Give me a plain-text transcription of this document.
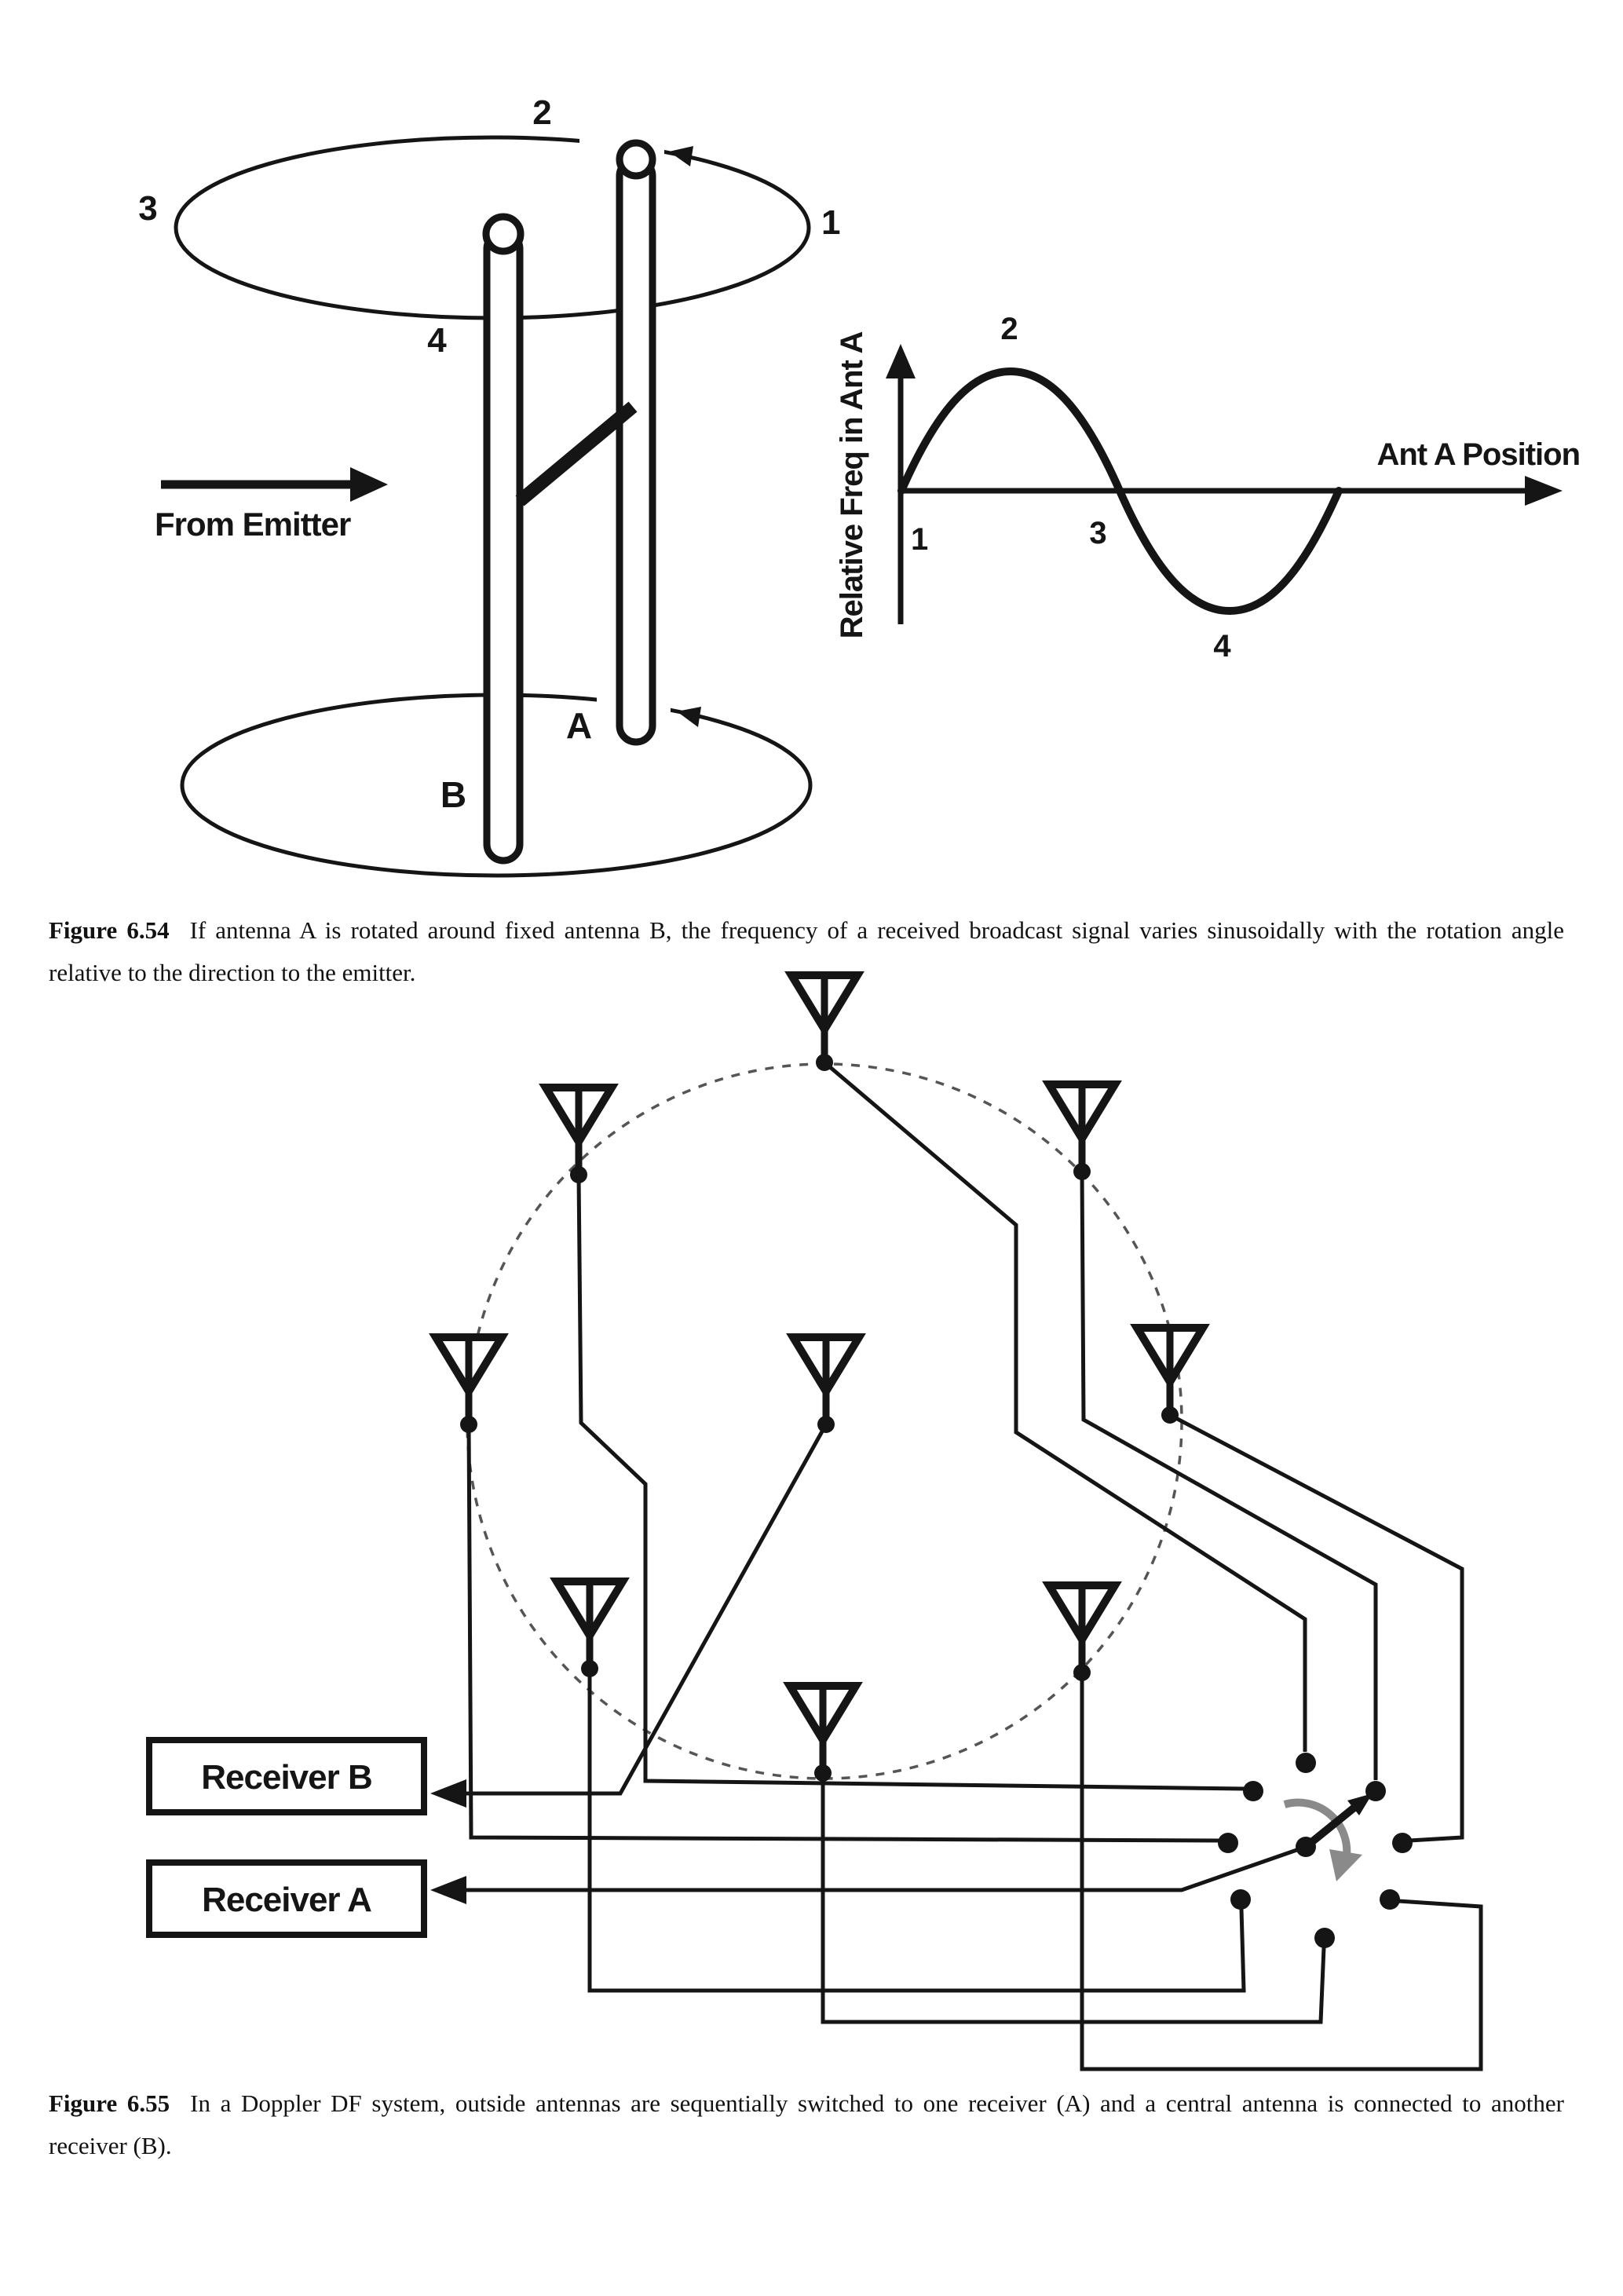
From Emitter
2
3	1
4
A
B
Relative Freq in Ant A	Ant A Position
1
2
3
4
Receiver B
Receiver A

Figure 6.54 If antenna A is rotated around fixed antenna B, the frequency of a received broadcast signal varies sinusoidally with the rotation angle relative to the direction to the emitter.

Figure 6.55 In a Doppler DF system, outside antennas are sequentially switched to one receiver (A) and a central antenna is connected to another receiver (B).
